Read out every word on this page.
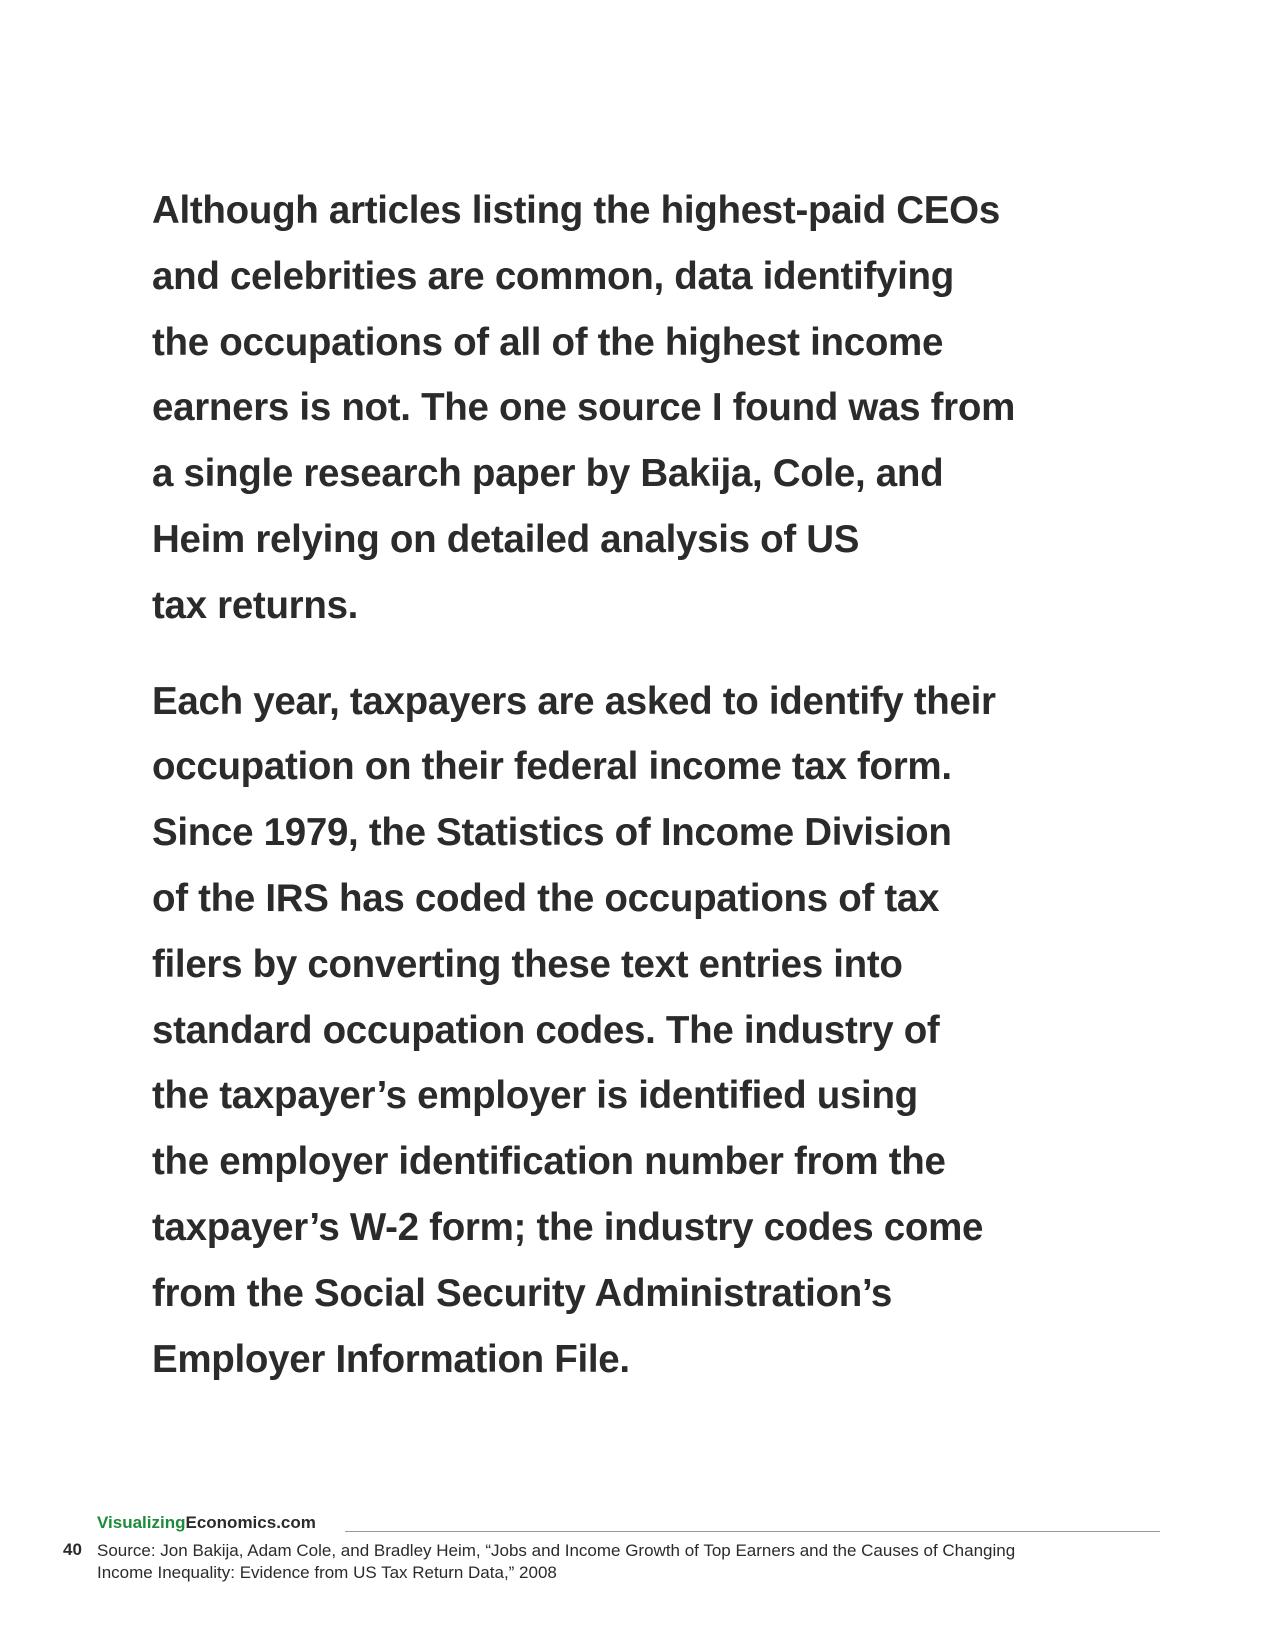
Although articles listing the highest-paid CEOs
and celebrities are common, data identifying
the occupations of all of the highest income
earners is not. The one source I found was from
a single research paper by Bakija, Cole, and
Heim relying on detailed analysis of US
tax returns.

Each year, taxpayers are asked to identify their
occupation on their federal income tax form.
Since 1979, the Statistics of Income Division
of the IRS has coded the occupations of tax
filers by converting these text entries into
standard occupation codes. The industry of
the taxpayer’s employer is identified using
the employer identification number from the
taxpayer’s W-2 form; the industry codes come
from the Social Security Administration’s
Employer Information File.

VisualizingEconomics.com
40 Source: Jon Bakija, Adam Cole, and Bradley Heim, “Jobs and Income Growth of Top Earners and the Causes of Changing
Income Inequality: Evidence from US Tax Return Data,” 2008
